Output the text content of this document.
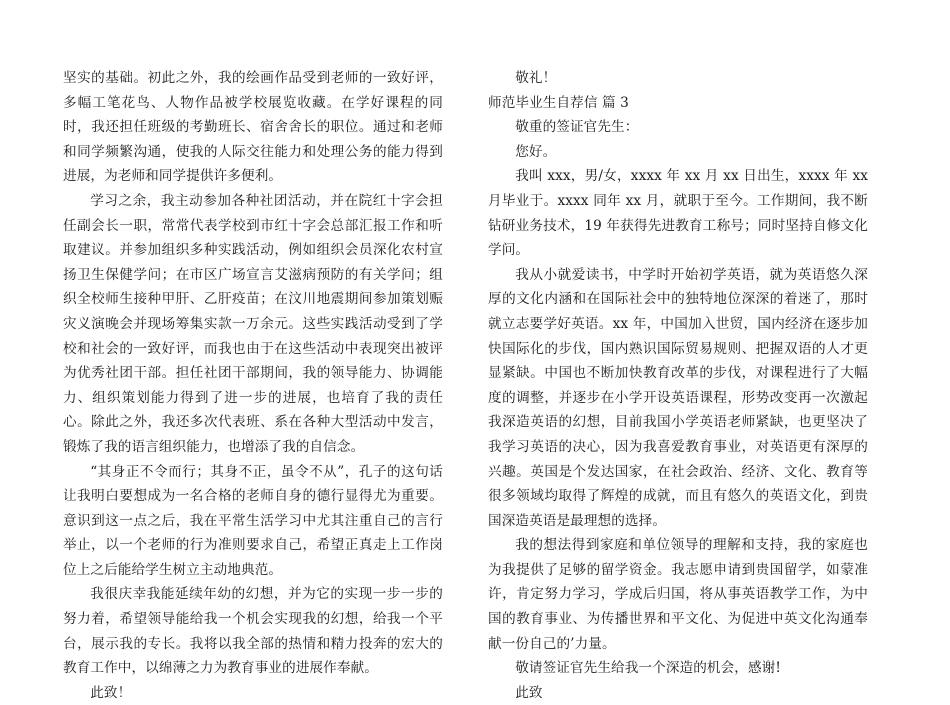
坚实的基础。初此之外，我的绘画作品受到老师的一致好评，多幅工笔花鸟、人物作品被学校展览收藏。在学好课程的同时，我还担任班级的考勤班长、宿舍舍长的职位。通过和老师和同学频繁沟通，使我的人际交往能力和处理公务的能力得到进展，为老师和同学提供许多便利。

学习之余，我主动参加各种社团活动，并在院红十字会担任副会长一职，常常代表学校到市红十字会总部汇报工作和听取建议。并参加组织多种实践活动，例如组织会员深化农村宣扬卫生保健学问；在市区广场宣言艾滋病预防的有关学问；组织全校师生接种甲肝、乙肝疫苗；在汶川地震期间参加策划赈灾义演晚会并现场筹集实款一万余元。这些实践活动受到了学校和社会的一致好评，而我也由于在这些活动中表现突出被评为优秀社团干部。担任社团干部期间，我的领导能力、协调能力、组织策划能力得到了进一步的进展，也培育了我的责任心。除此之外，我还多次代表班、系在各种大型活动中发言，锻炼了我的语言组织能力，也增添了我的自信念。

“其身正不令而行；其身不正，虽令不从”，孔子的这句话让我明白要想成为一名合格的老师自身的德行显得尤为重要。意识到这一点之后，我在平常生活学习中尤其注重自己的言行举止，以一个老师的行为准则要求自己，希望正真走上工作岗位上之后能给学生树立主动地典范。

我很庆幸我能延续年幼的幻想，并为它的实现一步一步的努力着，希望领导能给我一个机会实现我的幻想，给我一个平台，展示我的专长。我将以我全部的热情和精力投奔的宏大的教育工作中，以绵薄之力为教育事业的进展作奉献。

此致！

敬礼！

师范毕业生自荐信 篇 3

敬重的签证官先生：

您好。

我叫 xxx，男/女，xxxx 年 xx 月 xx 日出生，xxxx 年 xx 月毕业于。xxxx 同年 xx 月，就职于至今。工作期间，我不断钻研业务技术，19 年获得先进教育工称号；同时坚持自修文化学问。

我从小就爱读书，中学时开始初学英语，就为英语悠久深厚的文化内涵和在国际社会中的独特地位深深的着迷了，那时就立志要学好英语。xx 年，中国加入世贸，国内经济在逐步加快国际化的步伐，国内熟识国际贸易规则、把握双语的人才更显紧缺。中国也不断加快教育改革的步伐，对课程进行了大幅度的调整，并逐步在小学开设英语课程，形势改变再一次激起我深造英语的幻想，目前我国小学英语老师紧缺，也更坚决了我学习英语的决心，因为我喜爱教育事业，对英语更有深厚的兴趣。英国是个发达国家，在社会政治、经济、文化、教育等很多领域均取得了辉煌的成就，而且有悠久的英语文化，到贵国深造英语是最理想的选择。

我的想法得到家庭和单位领导的理解和支持，我的家庭也为我提供了足够的留学资金。我志愿申请到贵国留学，如蒙准许，肯定努力学习，学成后归国，将从事英语教学工作，为中国的教育事业、为传播世界和平文化、为促进中英文化沟通奉献一份自己的’力量。

敬请签证官先生给我一个深造的机会，感谢!

此致
